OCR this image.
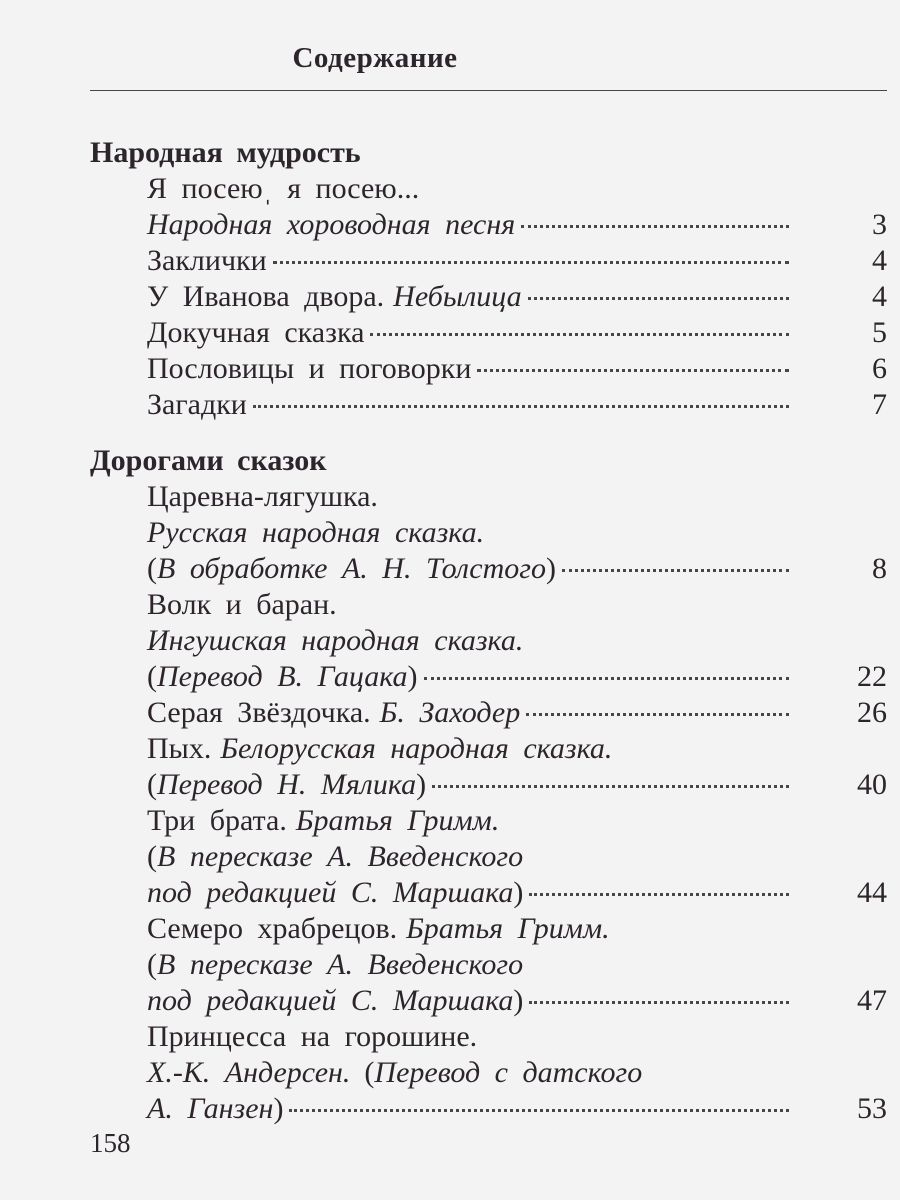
Содержание
Народная мудрость
Я посеюˌ я посею...
Народная хороводная песня	3
Заклички	4
У Иванова двора. Небылица	4
Докучная сказка	5
Пословицы и поговорки	6
Загадки	7
Дорогами сказок
Царевна-лягушка.
Русская народная сказка.
( В обработке А. Н. Толстого )	8
Волк и баран.
Ингушская народная сказка.
( Перевод В. Гацака )	22
Серая Звёздочка. Б. Заходер	26
Пых. Белорусская народная сказка.
( Перевод Н. Мялика )	40
Три брата. Братья Гримм.
( В пересказе А. Введенского
под редакцией С. Маршака )	44
Семеро храбрецов. Братья Гримм.
( В пересказе А. Введенского
под редакцией С. Маршака )	47
Принцесса на горошине.
Х.-К. Андерсен. ( Перевод с датского
А. Ганзен )	53
158
